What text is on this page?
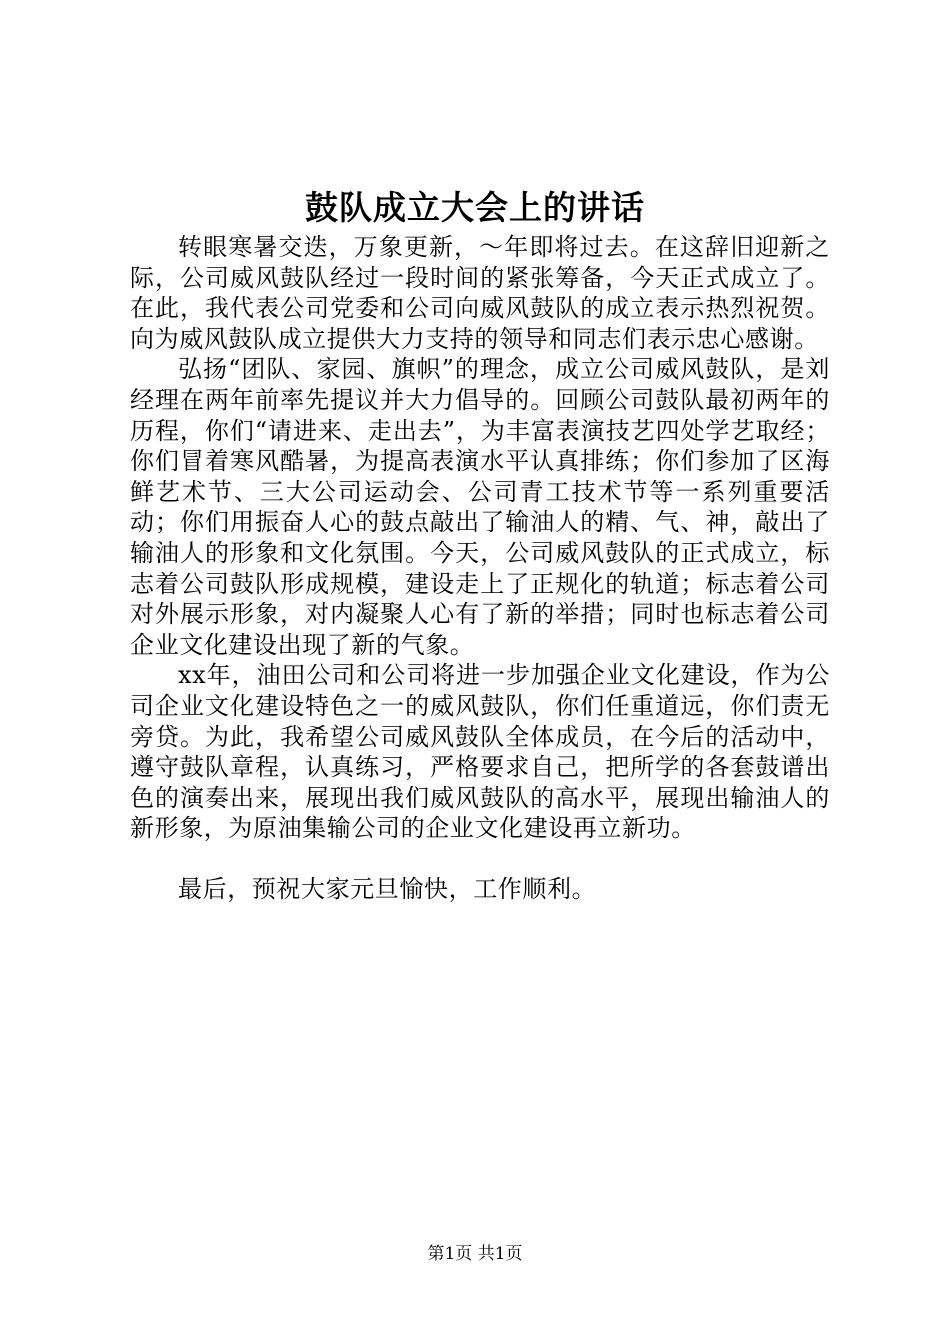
鼓队成立大会上的讲话

转眼寒暑交迭，万象更新，～年即将过去。在这辞旧迎新之际，公司威风鼓队经过一段时间的紧张筹备，今天正式成立了。在此，我代表公司党委和公司向威风鼓队的成立表示热烈祝贺。向为威风鼓队成立提供大力支持的领导和同志们表示忠心感谢。

弘扬“团队、家园、旗帜”的理念，成立公司威风鼓队，是刘经理在两年前率先提议并大力倡导的。回顾公司鼓队最初两年的历程，你们“请进来、走出去”，为丰富表演技艺四处学艺取经；你们冒着寒风酷暑，为提高表演水平认真排练；你们参加了区海鲜艺术节、三大公司运动会、公司青工技术节等一系列重要活动；你们用振奋人心的鼓点敲出了输油人的精、气、神，敲出了输油人的形象和文化氛围。今天，公司威风鼓队的正式成立，标志着公司鼓队形成规模，建设走上了正规化的轨道；标志着公司对外展示形象，对内凝聚人心有了新的举措；同时也标志着公司企业文化建设出现了新的气象。

xx年，油田公司和公司将进一步加强企业文化建设，作为公司企业文化建设特色之一的威风鼓队，你们任重道远，你们责无旁贷。为此，我希望公司威风鼓队全体成员，在今后的活动中，遵守鼓队章程，认真练习，严格要求自己，把所学的各套鼓谱出色的演奏出来，展现出我们威风鼓队的高水平，展现出输油人的新形象，为原油集输公司的企业文化建设再立新功。

最后，预祝大家元旦愉快，工作顺利。

第1页 共1页
